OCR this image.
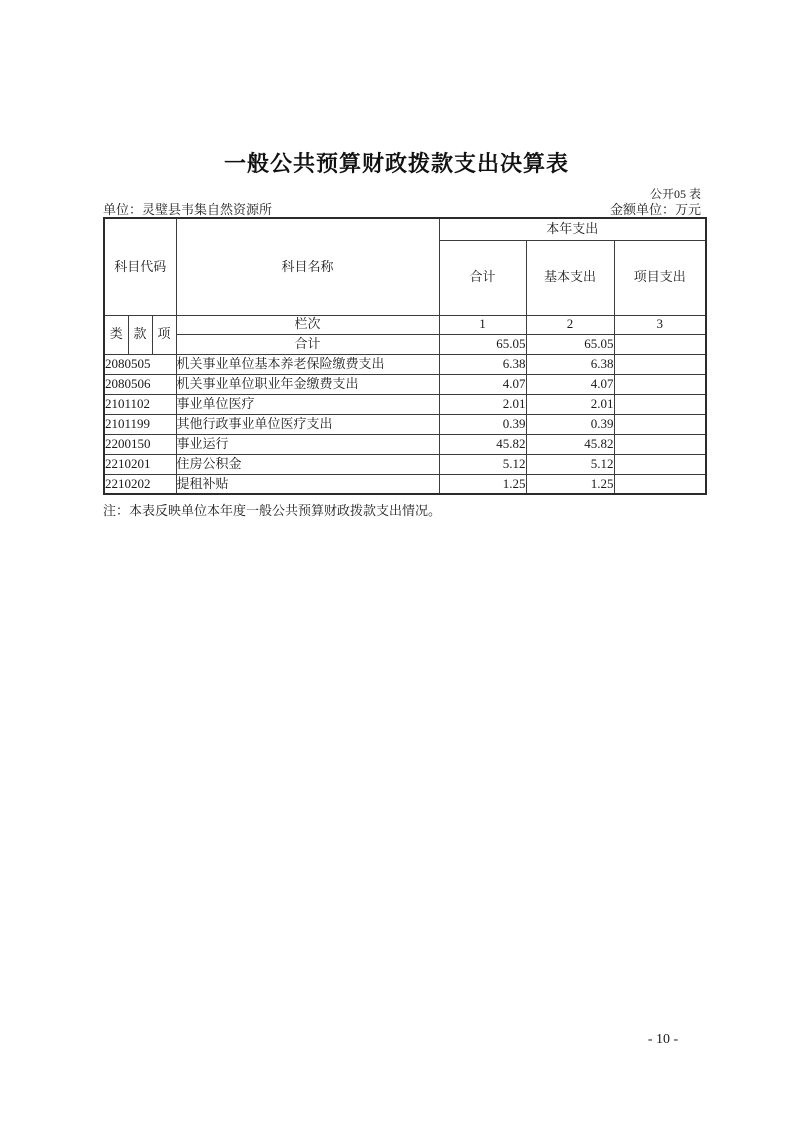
一般公共预算财政拨款支出决算表
公开05 表
单位：灵璧县韦集自然资源所	金额单位：万元
科目代码			科目名称	本年支出		
				合计	基本支出	项目支出
类	款	项	栏次	1	2	3
			合计	65.05	65.05	
2080505			机关事业单位基本养老保险缴费支出	6.38	6.38	
2080506			机关事业单位职业年金缴费支出	4.07	4.07	
2101102			事业单位医疗	2.01	2.01	
2101199			其他行政事业单位医疗支出	0.39	0.39	
2200150			事业运行	45.82	45.82	
2210201			住房公积金	5.12	5.12	
2210202			提租补贴	1.25	1.25	
注：本表反映单位本年度一般公共预算财政拨款支出情况。
- 10 -
